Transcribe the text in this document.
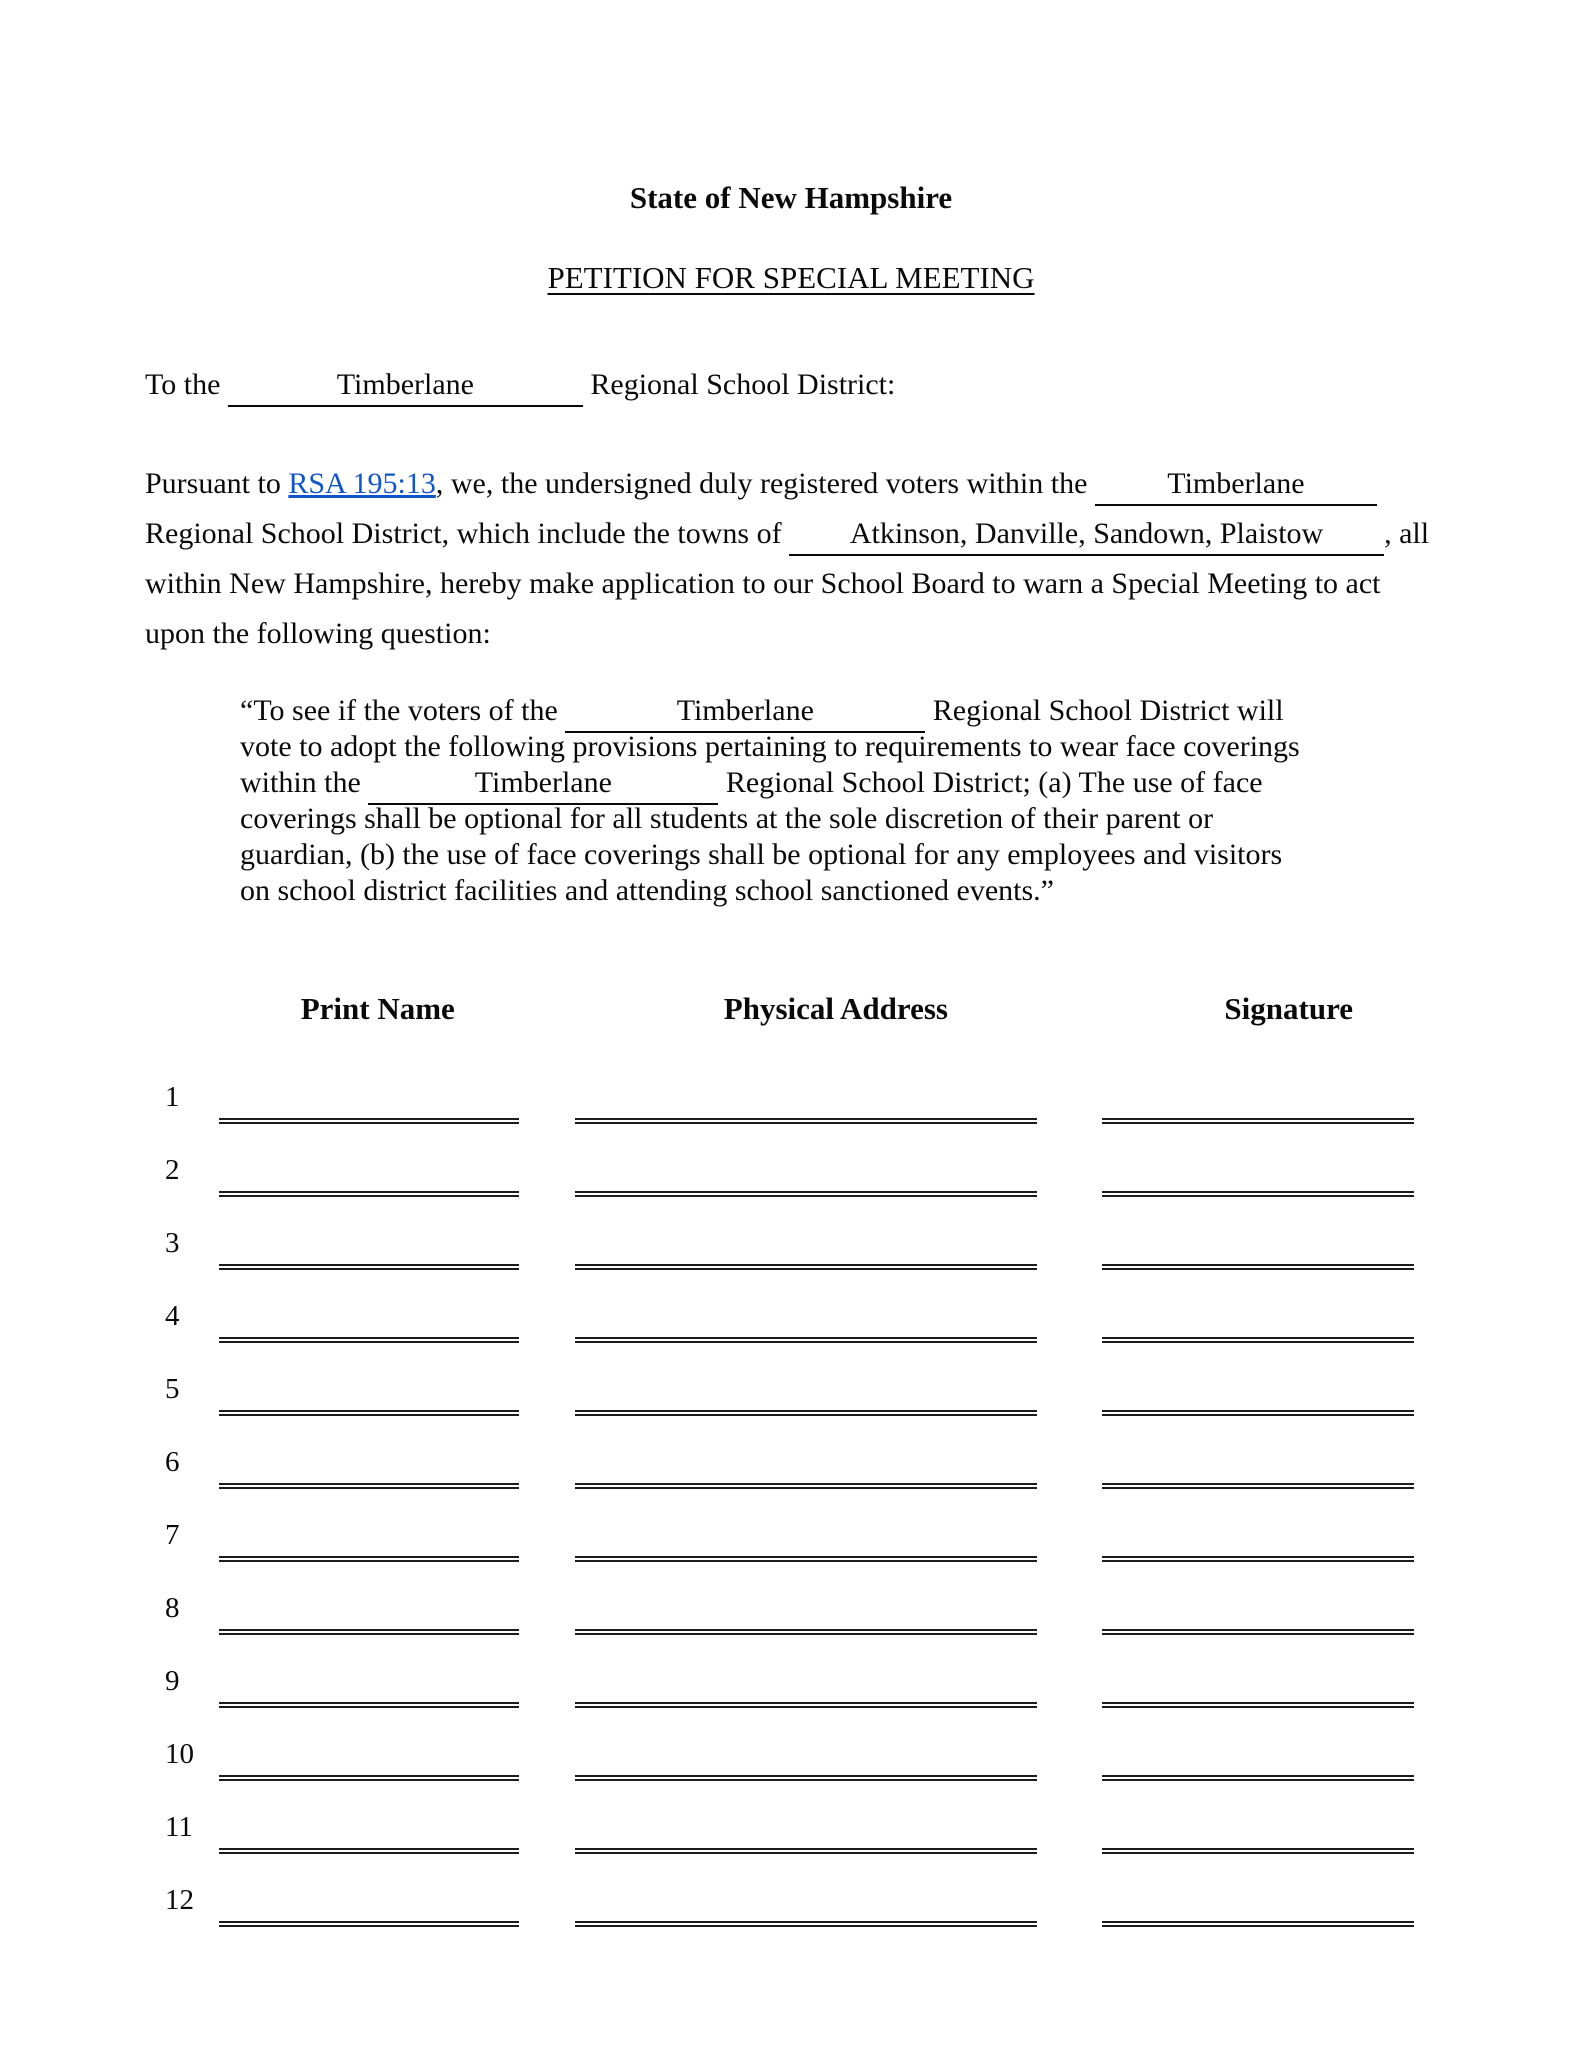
State of New Hampshire
PETITION FOR SPECIAL MEETING
To the	Timberlane	Regional School District:
Pursuant to RSA 195:13, we, the undersigned duly registered voters within the Timberlane
Regional School District, which include the towns of Atkinson, Danville, Sandown, Plaistow , all
within New Hampshire, hereby make application to our School Board to warn a Special Meeting to act
upon the following question:
“To see if the voters of the	Timberlane	Regional School District will
vote to adopt the following provisions pertaining to requirements to wear face coverings
within the	Timberlane	Regional School District; (a) The use of face
coverings shall be optional for all students at the sole discretion of their parent or
guardian, (b) the use of face coverings shall be optional for any employees and visitors
on school district facilities and attending school sanctioned events.”
Print Name	Physical Address	Signature
1
2
3
4
5
6
7
8
9
10
11
12
